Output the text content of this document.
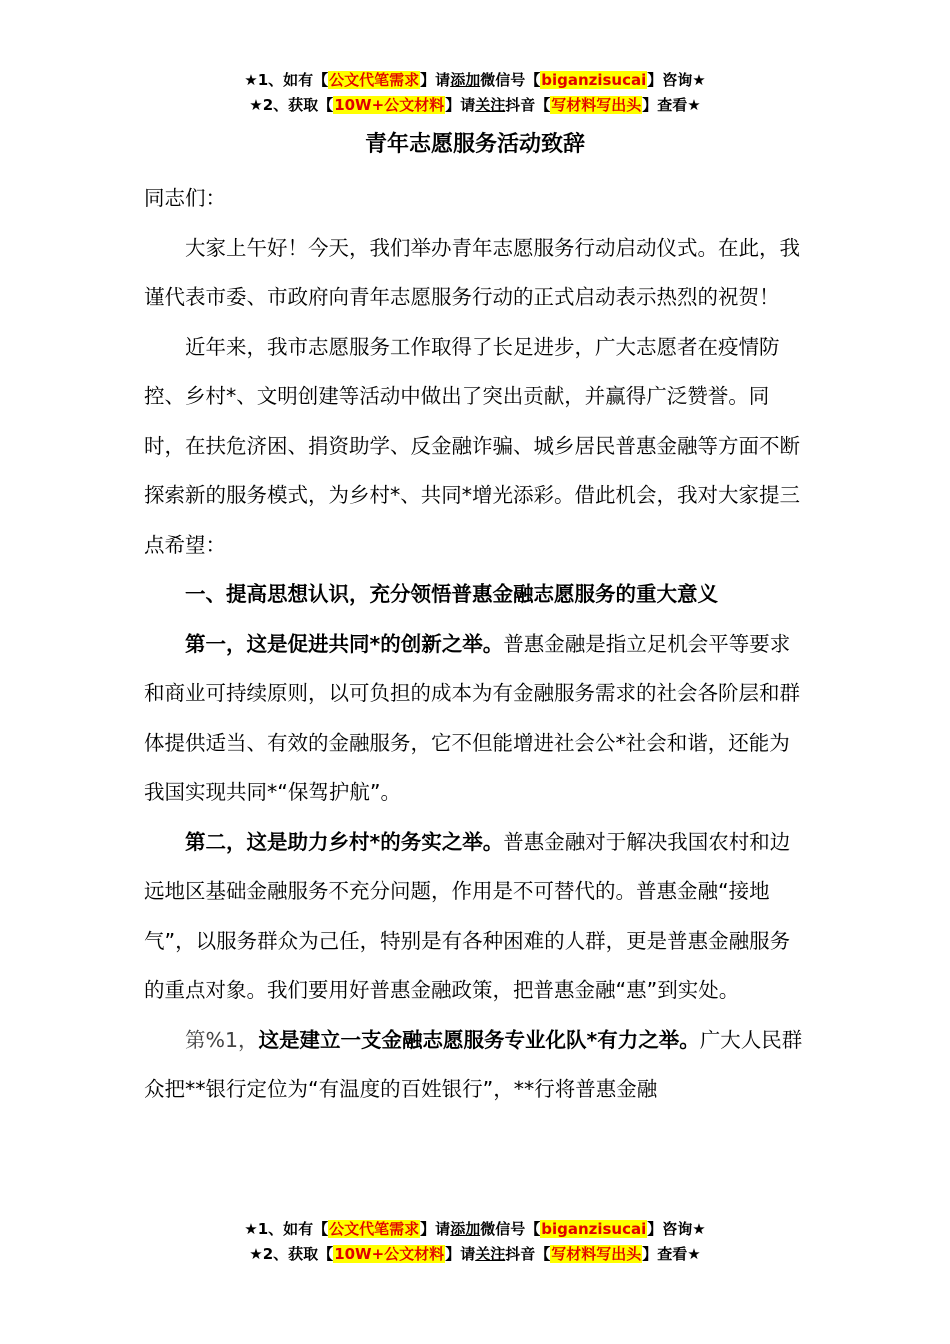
★1、如有【公文代笔需求】请添加微信号【biganzisucai】咨询★
★2、获取【10W+公文材料】请关注抖音【写材料写出头】查看★
青年志愿服务活动致辞

同志们：

大家上午好！今天，我们举办青年志愿服务行动启动仪式。在此，我谨代表市委、市政府向青年志愿服务行动的正式启动表示热烈的祝贺！

近年来，我市志愿服务工作取得了长足进步，广大志愿者在疫情防控、乡村*、文明创建等活动中做出了突出贡献，并赢得广泛赞誉。同时，在扶危济困、捐资助学、反金融诈骗、城乡居民普惠金融等方面不断探索新的服务模式，为乡村*、共同*增光添彩。借此机会，我对大家提三点希望：

一、提高思想认识，充分领悟普惠金融志愿服务的重大意义

第一，这是促进共同*的创新之举。普惠金融是指立足机会平等要求和商业可持续原则，以可负担的成本为有金融服务需求的社会各阶层和群体提供适当、有效的金融服务，它不但能增进社会公*社会和谐，还能为我国实现共同*“保驾护航”。

第二，这是助力乡村*的务实之举。普惠金融对于解决我国农村和边远地区基础金融服务不充分问题，作用是不可替代的。普惠金融“接地气”，以服务群众为己任，特别是有各种困难的人群，更是普惠金融服务的重点对象。我们要用好普惠金融政策，把普惠金融“惠”到实处。

第%1，这是建立一支金融志愿服务专业化队*有力之举。广大人民群众把**银行定位为“有温度的百姓银行”，**行将普惠金融

★1、如有【公文代笔需求】请添加微信号【biganzisucai】咨询★
★2、获取【10W+公文材料】请关注抖音【写材料写出头】查看★
